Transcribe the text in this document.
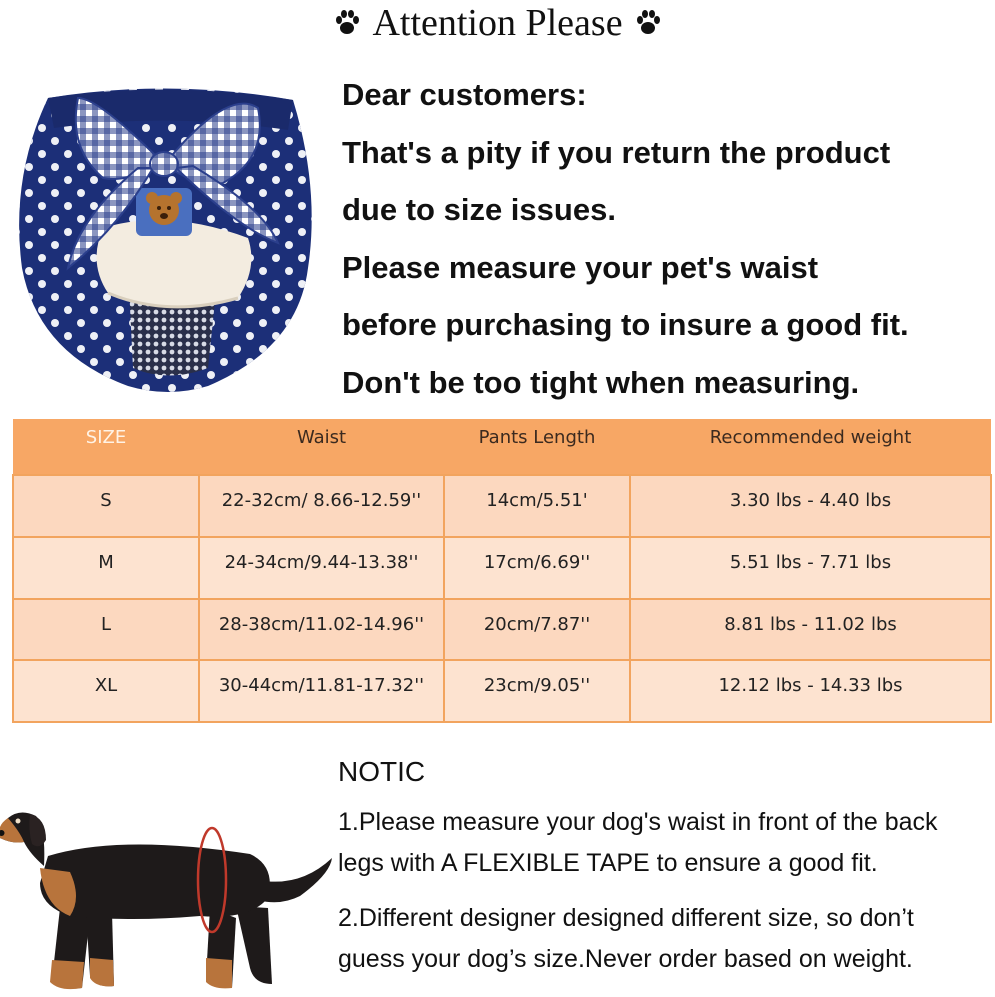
Attention Please
Dear customers:
That's a pity if you return the product
due to size issues.
Please measure your pet's waist
before purchasing to insure a good fit.
Don't be too tight when measuring.
SIZE	Waist	Pants Length	Recommended weight
S	22-32cm/ 8.66-12.59''	14cm/5.51'	3.30 lbs - 4.40 lbs
M	24-34cm/9.44-13.38''	17cm/6.69''	5.51 lbs - 7.71 lbs
L	28-38cm/11.02-14.96''	20cm/7.87''	8.81 lbs - 11.02 lbs
XL	30-44cm/11.81-17.32''	23cm/9.05''	12.12 lbs - 14.33 lbs
NOTIC
1.Please measure your dog's waist in front of the back
legs with A FLEXIBLE TAPE to ensure a good fit.
2.Different designer designed different size, so don’t
guess your dog’s size.Never order based on weight.
